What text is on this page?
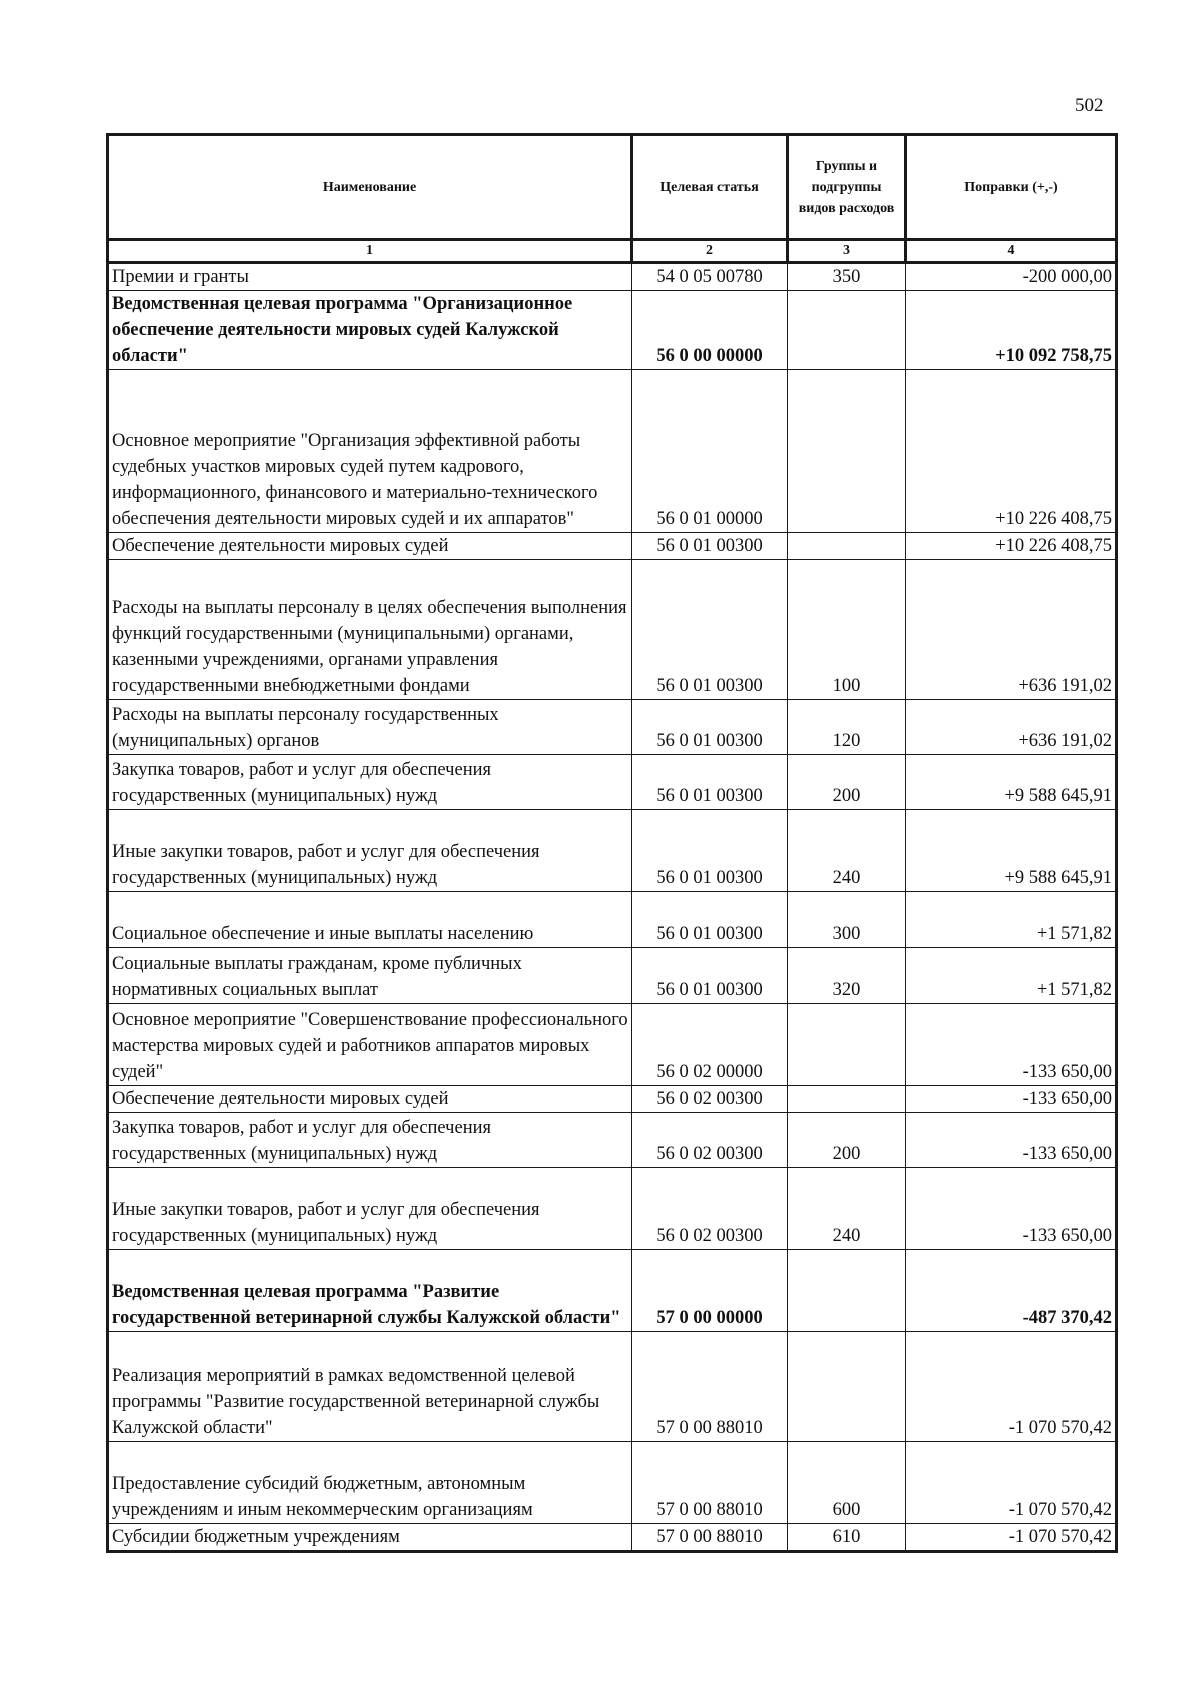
502
Наименование	Целевая статья	Группы и подгруппы видов расходов	Поправки (+,-)
1	2	3	4
Премии и гранты	54 0 05 00780	350	-200 000,00
Ведомственная целевая программа "Организационное обеспечение деятельности мировых судей Калужской области"	56 0 00 00000		+10 092 758,75
Основное мероприятие "Организация эффективной работы судебных участков мировых судей путем кадрового, информационного, финансового и материально-технического обеспечения деятельности мировых судей и их аппаратов"	56 0 01 00000		+10 226 408,75
Обеспечение деятельности мировых судей	56 0 01 00300		+10 226 408,75
Расходы на выплаты персоналу в целях обеспечения выполнения функций государственными (муниципальными) органами, казенными учреждениями, органами управления государственными внебюджетными фондами	56 0 01 00300	100	+636 191,02
Расходы на выплаты персоналу государственных (муниципальных) органов	56 0 01 00300	120	+636 191,02
Закупка товаров, работ и услуг для обеспечения государственных (муниципальных) нужд	56 0 01 00300	200	+9 588 645,91
Иные закупки товаров, работ и услуг для обеспечения государственных (муниципальных) нужд	56 0 01 00300	240	+9 588 645,91
Социальное обеспечение и иные выплаты населению	56 0 01 00300	300	+1 571,82
Социальные выплаты гражданам, кроме публичных нормативных социальных выплат	56 0 01 00300	320	+1 571,82
Основное мероприятие "Совершенствование профессионального мастерства мировых судей и работников аппаратов мировых судей"	56 0 02 00000		-133 650,00
Обеспечение деятельности мировых судей	56 0 02 00300		-133 650,00
Закупка товаров, работ и услуг для обеспечения государственных (муниципальных) нужд	56 0 02 00300	200	-133 650,00
Иные закупки товаров, работ и услуг для обеспечения государственных (муниципальных) нужд	56 0 02 00300	240	-133 650,00
Ведомственная целевая программа "Развитие государственной ветеринарной службы Калужской области"	57 0 00 00000		-487 370,42
Реализация мероприятий в рамках ведомственной целевой программы "Развитие государственной ветеринарной службы Калужской области"	57 0 00 88010		-1 070 570,42
Предоставление субсидий бюджетным, автономным учреждениям и иным некоммерческим организациям	57 0 00 88010	600	-1 070 570,42
Субсидии бюджетным учреждениям	57 0 00 88010	610	-1 070 570,42
